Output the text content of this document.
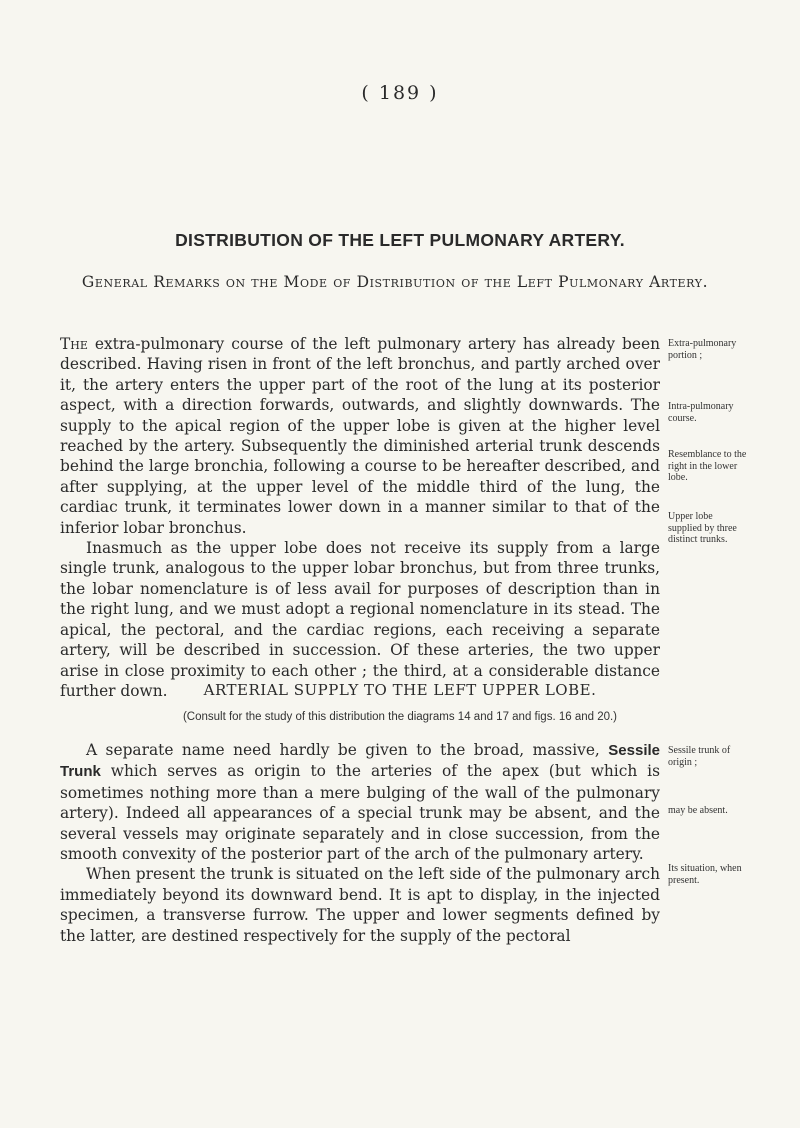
( 189 )
DISTRIBUTION OF THE LEFT PULMONARY ARTERY.
General Remarks on the Mode of Distribution of the Left Pulmonary Artery.

The extra-pulmonary course of the left pulmonary artery has already been described. Having risen in front of the left bronchus, and partly arched over it, the artery enters the upper part of the root of the lung at its posterior aspect, with a direction forwards, outwards, and slightly downwards. The supply to the apical region of the upper lobe is given at the higher level reached by the artery. Subsequently the diminished arterial trunk descends behind the large bronchia, following a course to be hereafter described, and after supplying, at the upper level of the middle third of the lung, the cardiac trunk, it terminates lower down in a manner similar to that of the inferior lobar bronchus.

Inasmuch as the upper lobe does not receive its supply from a large single trunk, analogous to the upper lobar bronchus, but from three trunks, the lobar nomenclature is of less avail for purposes of description than in the right lung, and we must adopt a regional nomenclature in its stead. The apical, the pectoral, and the cardiac regions, each receiving a separate artery, will be described in succession. Of these arteries, the two upper arise in close proximity to each other ; the third, at a considerable distance further down.

Extra-pulmonary portion ;
Intra-pulmonary course.
Resemblance to the right in the lower lobe.
Upper lobe supplied by three distinct trunks.
ARTERIAL SUPPLY TO THE LEFT UPPER LOBE.
(Consult for the study of this distribution the diagrams 14 and 17 and figs. 16 and 20.)

A separate name need hardly be given to the broad, massive, Sessile Trunk which serves as origin to the arteries of the apex (but which is sometimes nothing more than a mere bulging of the wall of the pulmonary artery). Indeed all appearances of a special trunk may be absent, and the several vessels may originate separately and in close succession, from the smooth convexity of the posterior part of the arch of the pulmonary artery.

When present the trunk is situated on the left side of the pulmonary arch immediately beyond its downward bend. It is apt to display, in the injected specimen, a transverse furrow. The upper and lower segments defined by the latter, are destined respectively for the supply of the pectoral

Sessile trunk of origin ;
may be absent.
Its situation, when present.
